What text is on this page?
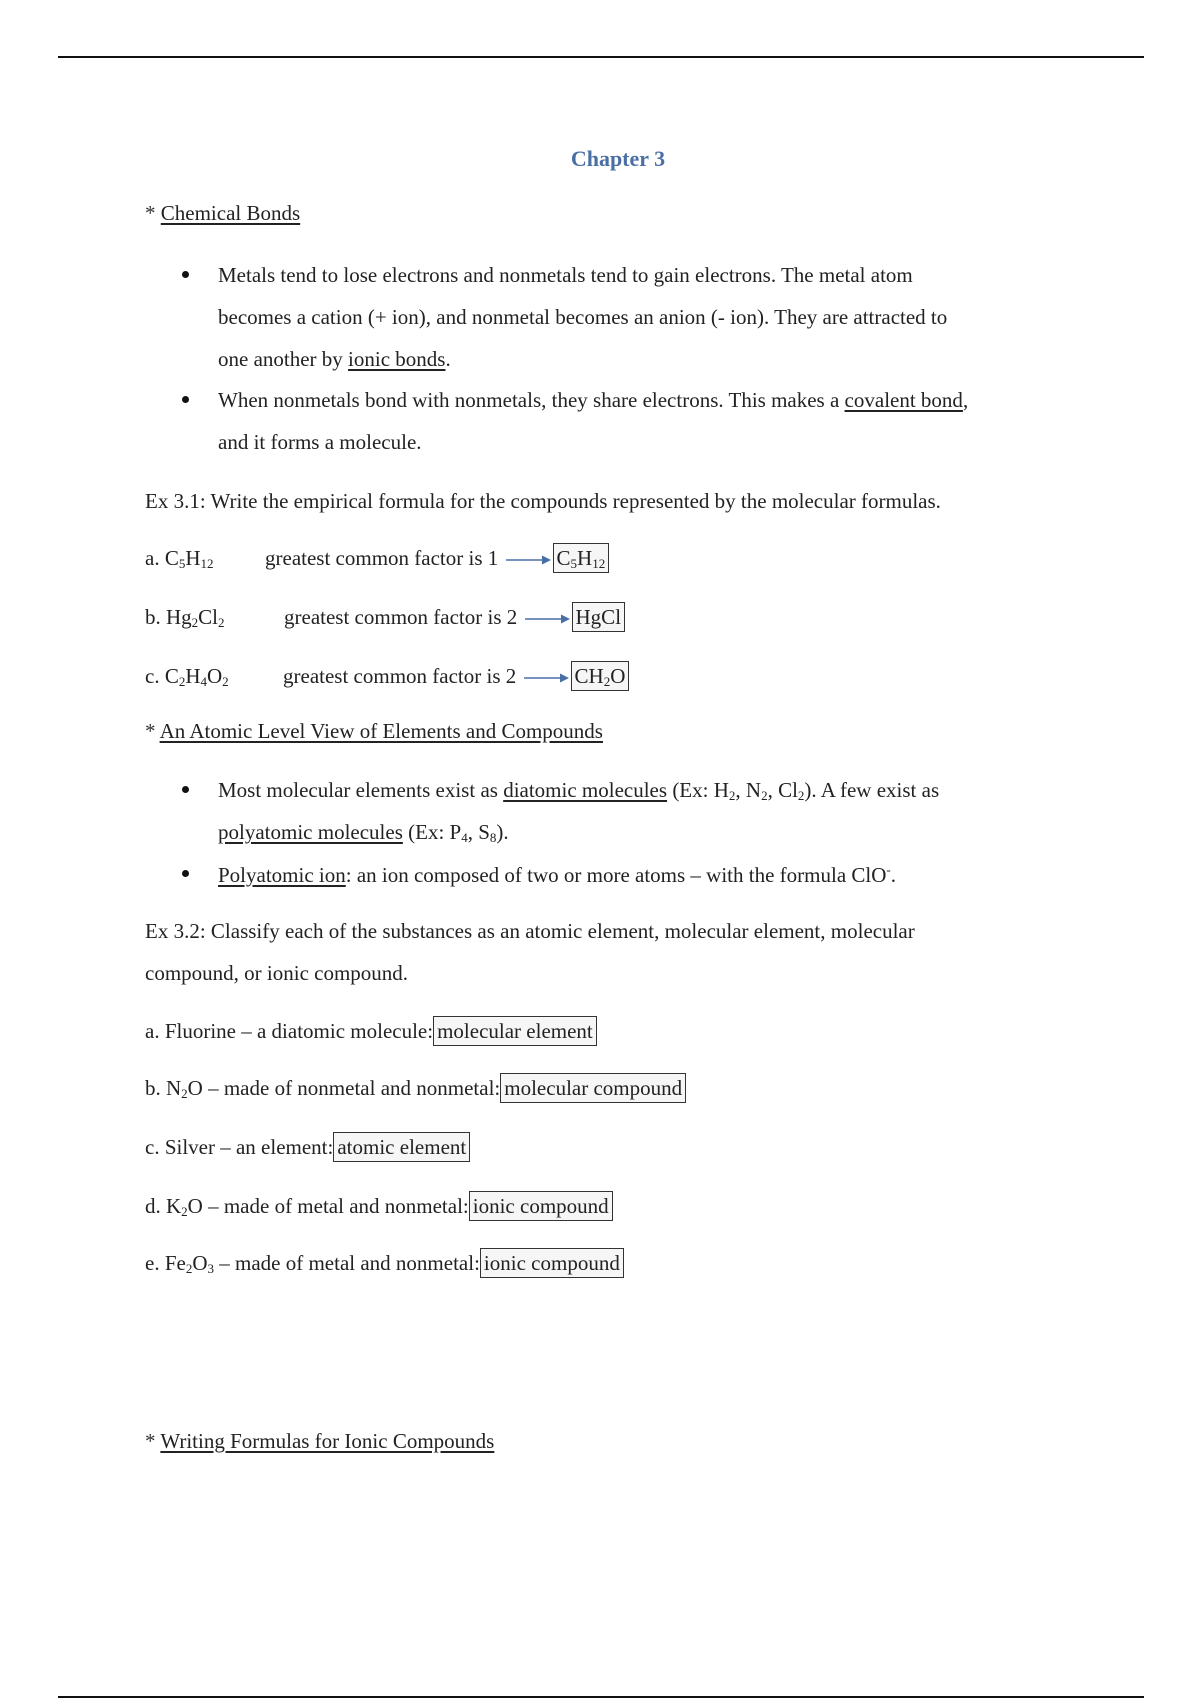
Chapter 3
* Chemical Bonds
Metals tend to lose electrons and nonmetals tend to gain electrons. The metal atom
becomes a cation (+ ion), and nonmetal becomes an anion (- ion). They are attracted to
one another by ionic bonds.
When nonmetals bond with nonmetals, they share electrons. This makes a covalent bond,
and it forms a molecule.
Ex 3.1: Write the empirical formula for the compounds represented by the molecular formulas.
a. $C_5H_{12}$ greatest common factor is 1	$C_5H_{12}$
b. $Hg_2Cl_2$	greatest common factor is 2	HgCl
c. $C_2H_4O_2$	greatest common factor is 2	$CH_2O$
* An Atomic Level View of Elements and Compounds
Most molecular elements exist as diatomic molecules (Ex: $H_2$, $N_2$, $Cl_2$). A few exist as
polyatomic molecules (Ex: $P_4$, $S_8$).
Polyatomic ion: an ion composed of two or more atoms – with the formula ClO-.
Ex 3.2: Classify each of the substances as an atomic element, molecular element, molecular
compound, or ionic compound.
a. Fluorine – a diatomic molecule: molecular element
b. $N_2O$ – made of nonmetal and nonmetal: molecular compound
c. Silver – an element: atomic element
d. $K_2O$ – made of metal and nonmetal: ionic compound
e. $Fe_2O_3$ – made of metal and nonmetal: ionic compound
* Writing Formulas for Ionic Compounds
